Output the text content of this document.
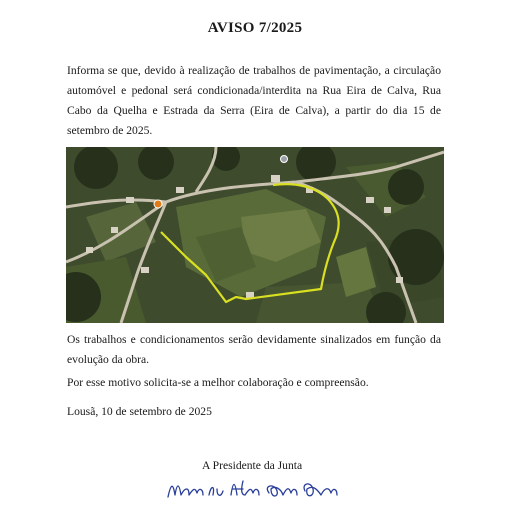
AVISO 7/2025
Informa se que, devido à realização de trabalhos de pavimentação, a circulação automóvel e pedonal será condicionada/interdita na Rua Eira de Calva, Rua Cabo da Quelha e Estrada da Serra (Eira de Calva), a partir do dia 15 de setembro de 2025.
Os trabalhos e condicionamentos serão devidamente sinalizados em função da evolução da obra.
Por esse motivo solicita-se a melhor colaboração e compreensão.
Lousã, 10 de setembro de 2025
A Presidente da Junta
